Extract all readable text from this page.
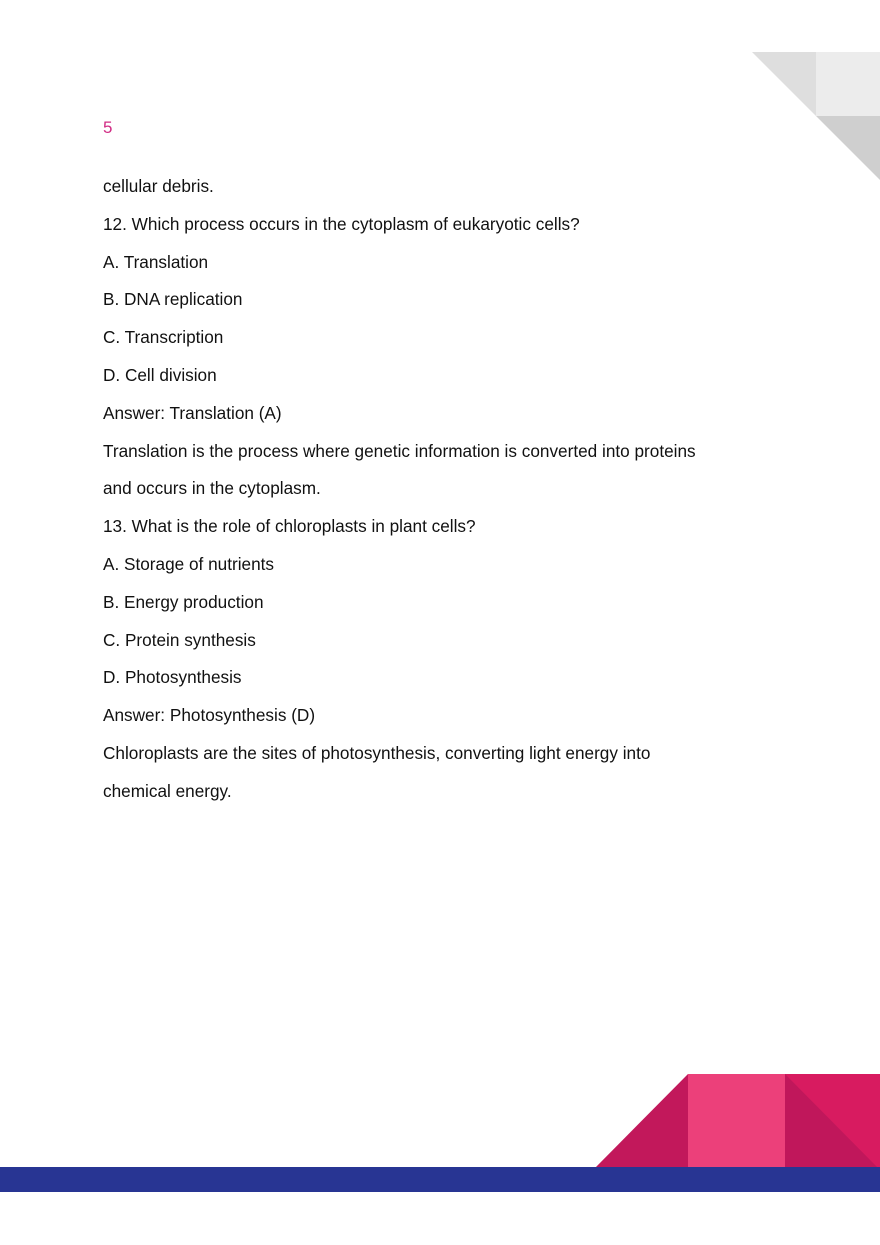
5
cellular debris.
12. Which process occurs in the cytoplasm of eukaryotic cells?
A. Translation
B. DNA replication
C. Transcription
D. Cell division
Answer: Translation (A)
Translation is the process where genetic information is converted into proteins
and occurs in the cytoplasm.
13. What is the role of chloroplasts in plant cells?
A. Storage of nutrients
B. Energy production
C. Protein synthesis
D. Photosynthesis
Answer: Photosynthesis (D)
Chloroplasts are the sites of photosynthesis, converting light energy into
chemical energy.
